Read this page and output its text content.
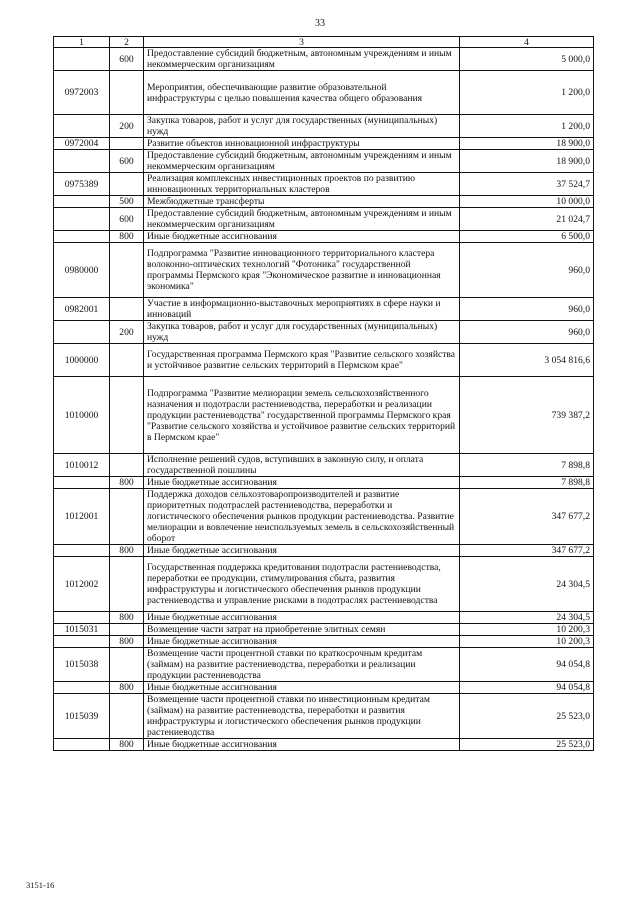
33
1	2	3	4
	600	Предоставление субсидий бюджетным, автономным учреждениям и иным некоммерческим организациям	5 000,0
0972003		Мероприятия, обеспечивающие развитие образовательной инфраструктуры с целью повышения качества общего образования	1 200,0
	200	Закупка товаров, работ и услуг для государственных (муниципальных) нужд	1 200,0
0972004		Развитие объектов инновационной инфраструктуры	18 900,0
	600	Предоставление субсидий бюджетным, автономным учреждениям и иным некоммерческим организациям	18 900,0
0975389		Реализация комплексных инвестиционных проектов по развитию инновационных территориальных кластеров	37 524,7
	500	Межбюджетные трансферты	10 000,0
	600	Предоставление субсидий бюджетным, автономным учреждениям и иным некоммерческим организациям	21 024,7
	800	Иные бюджетные ассигнования	6 500,0
0980000		Подпрограмма "Развитие инновационного территориального кластера волоконно-оптических технологий "Фотоника" государственной программы Пермского края "Экономическое развитие и инновационная экономика"	960,0
0982001		Участие в информационно-выставочных мероприятиях в сфере науки и инноваций	960,0
	200	Закупка товаров, работ и услуг для государственных (муниципальных) нужд	960,0
1000000		Государственная программа Пермского края "Развитие сельского хозяйства и устойчивое развитие сельских территорий в Пермском крае"	3 054 816,6
1010000		Подпрограмма "Развитие мелиорации земель сельскохозяйственного назначения и подотрасли растениеводства, переработки и реализации продукции растениеводства" государственной программы Пермского края "Развитие сельского хозяйства и устойчивое развитие сельских территорий в Пермском крае"	739 387,2
1010012		Исполнение решений судов, вступивших в законную силу, и оплата государственной пошлины	7 898,8
	800	Иные бюджетные ассигнования	7 898,8
1012001		Поддержка доходов сельхозтоваропроизводителей и развитие приоритетных подотраслей растениеводства, переработки и логистического обеспечения рынков продукции растениеводства. Развитие мелиорации и вовлечение неиспользуемых земель в сельскохозяйственный оборот	347 677,2
	800	Иные бюджетные ассигнования	347 677,2
1012002		Государственная поддержка кредитования подотрасли растениеводства, переработки ее продукции, стимулирования сбыта, развития инфраструктуры и логистического обеспечения рынков продукции растениеводства и управление рисками в подотраслях растениеводства	24 304,5
	800	Иные бюджетные ассигнования	24 304,5
1015031		Возмещение части затрат на приобретение элитных семян	10 200,3
	800	Иные бюджетные ассигнования	10 200,3
1015038		Возмещение части процентной ставки по краткосрочным кредитам (займам) на развитие растениеводства, переработки и реализации продукции растениеводства	94 054,8
	800	Иные бюджетные ассигнования	94 054,8
1015039		Возмещение части процентной ставки по инвестиционным кредитам (займам) на развитие растениеводства, переработки и развития инфраструктуры и логистического обеспечения рынков продукции растениеводства	25 523,0
	800	Иные бюджетные ассигнования	25 523,0
3151-16
